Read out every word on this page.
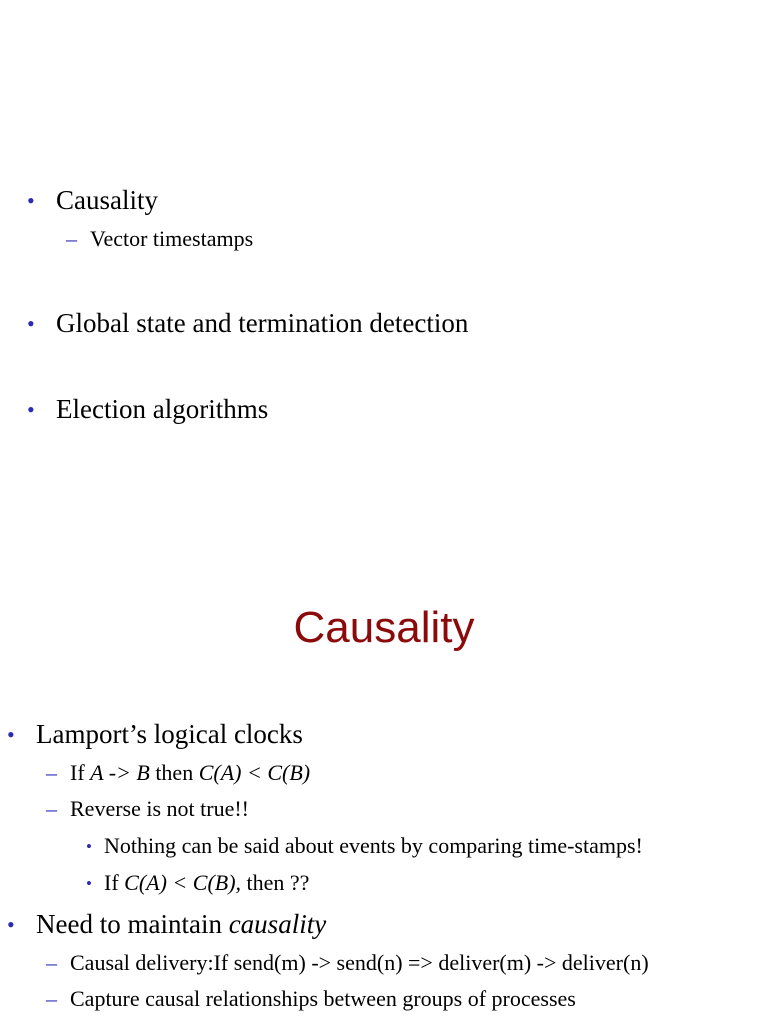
• Causality
– Vector timestamps
• Global state and termination detection
• Election algorithms
Causality
• Lamport’s logical clocks
– If A -> B then C(A) < C(B)
– Reverse is not true!!
• Nothing can be said about events by comparing time-stamps!
• If C(A) < C(B), then ??
• Need to maintain causality
– Causal delivery:If send(m) -> send(n) => deliver(m) -> deliver(n)
– Capture causal relationships between groups of processes
